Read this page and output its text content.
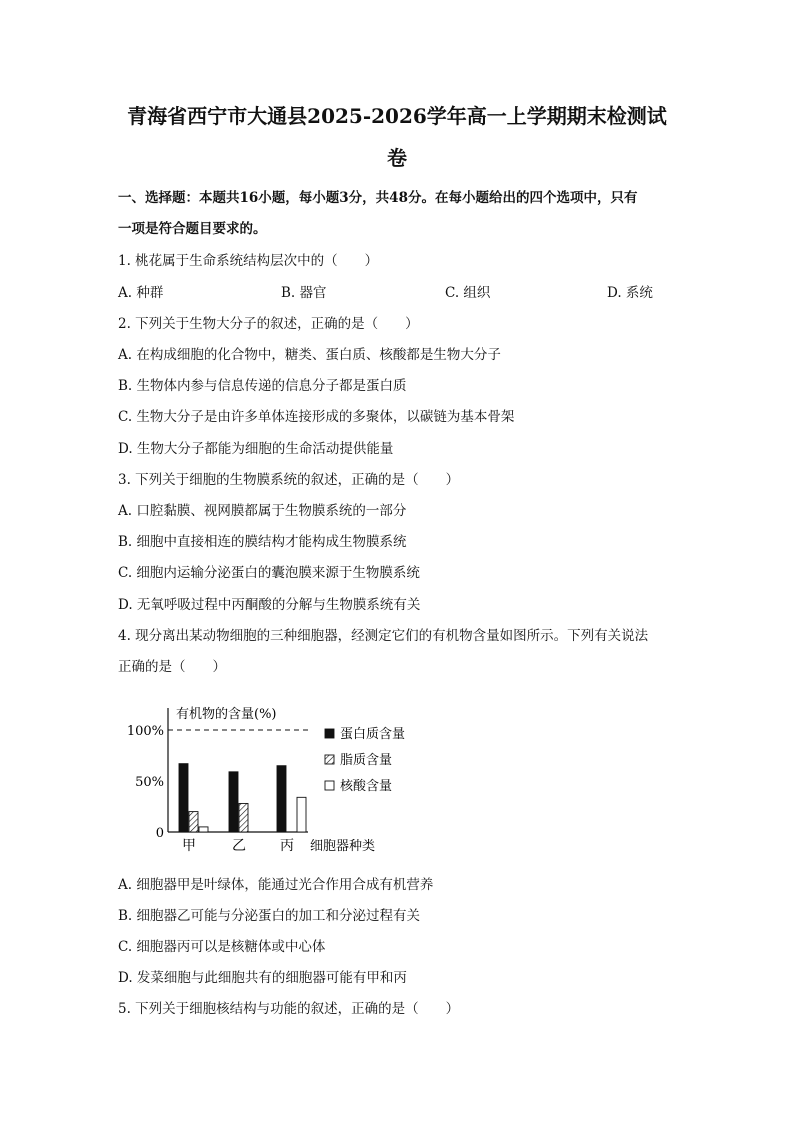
青海省西宁市大通县2025-2026学年高一上学期期末检测试
卷
一、选择题：本题共16小题，每小题3分，共48分。在每小题给出的四个选项中，只有
一项是符合题目要求的。
1. 桃花属于生命系统结构层次中的（　　）
A. 种群	B. 器官	C. 组织	D. 系统
2. 下列关于生物大分子的叙述，正确的是（　　）
A. 在构成细胞的化合物中，糖类、蛋白质、核酸都是生物大分子
B. 生物体内参与信息传递的信息分子都是蛋白质
C. 生物大分子是由许多单体连接形成的多聚体，以碳链为基本骨架
D. 生物大分子都能为细胞的生命活动提供能量
3. 下列关于细胞的生物膜系统的叙述，正确的是（　　）
A. 口腔黏膜、视网膜都属于生物膜系统的一部分
B. 细胞中直接相连的膜结构才能构成生物膜系统
C. 细胞内运输分泌蛋白的囊泡膜来源于生物膜系统
D. 无氧呼吸过程中丙酮酸的分解与生物膜系统有关
4. 现分离出某动物细胞的三种细胞器，经测定它们的有机物含量如图所示。下列有关说法
正确的是（　　）
有机物的含量(%)
100%
50%
0
甲	乙 丙
蛋白质含量
脂质含量
核酸含量
细胞器种类
A. 细胞器甲是叶绿体，能通过光合作用合成有机营养
B. 细胞器乙可能与分泌蛋白的加工和分泌过程有关
C. 细胞器丙可以是核糖体或中心体
D. 发菜细胞与此细胞共有的细胞器可能有甲和丙
5. 下列关于细胞核结构与功能的叙述，正确的是（　　）
